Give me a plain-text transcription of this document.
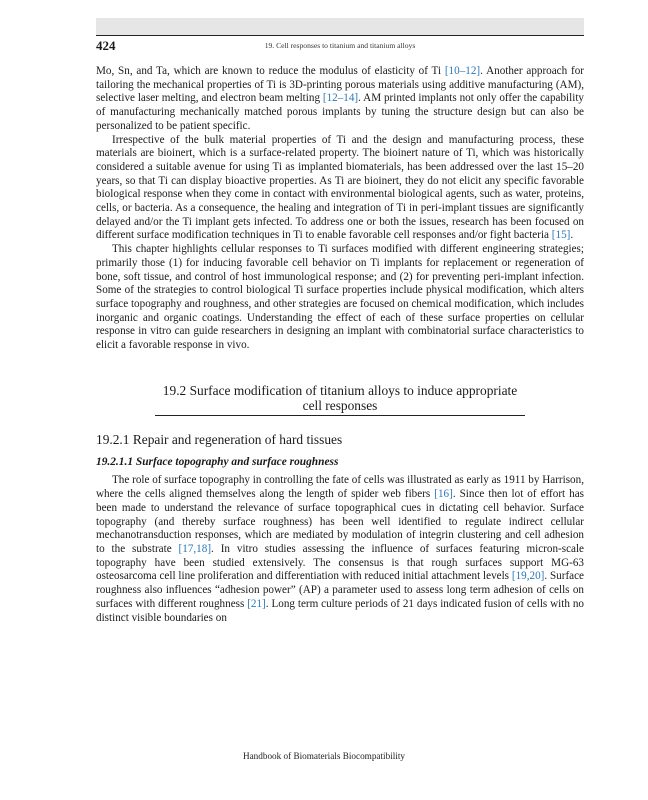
424	19. Cell responses to titanium and titanium alloys

Mo, Sn, and Ta, which are known to reduce the modulus of elasticity of Ti [10–12]. Another approach for tailoring the mechanical properties of Ti is 3D-printing porous materials using additive manufacturing (AM), selective laser melting, and electron beam melting [12–14]. AM printed implants not only offer the capability of manufacturing mechanically matched porous implants by tuning the structure design but can also be personalized to be patient specific.

Irrespective of the bulk material properties of Ti and the design and manufacturing process, these materials are bioinert, which is a surface-related property. The bioinert nature of Ti, which was historically considered a suitable avenue for using Ti as implanted biomaterials, has been addressed over the last 15–20 years, so that Ti can display bioactive properties. As Ti are bioinert, they do not elicit any specific favorable biological response when they come in contact with environmental biological agents, such as water, proteins, cells, or bacteria. As a consequence, the healing and integration of Ti in peri-implant tissues are significantly delayed and/or the Ti implant gets infected. To address one or both the issues, research has been focused on different surface modification techniques in Ti to enable favorable cell responses and/or fight bacteria [15].

This chapter highlights cellular responses to Ti surfaces modified with different engineering strategies; primarily those (1) for inducing favorable cell behavior on Ti implants for replacement or regeneration of bone, soft tissue, and control of host immunological response; and (2) for preventing peri-implant infection. Some of the strategies to control biological Ti surface properties include physical modification, which alters surface topography and roughness, and other strategies are focused on chemical modification, which includes inorganic and organic coatings. Understanding the effect of each of these surface properties on cellular response in vitro can guide researchers in designing an implant with combinatorial surface characteristics to elicit a favorable response in vivo.

19.2 Surface modification of titanium alloys to induce appropriate cell responses
19.2.1 Repair and regeneration of hard tissues
19.2.1.1 Surface topography and surface roughness

The role of surface topography in controlling the fate of cells was illustrated as early as 1911 by Harrison, where the cells aligned themselves along the length of spider web fibers [16]. Since then lot of effort has been made to understand the relevance of surface topographical cues in dictating cell behavior. Surface topography (and thereby surface roughness) has been well identified to regulate indirect cellular mechanotransduction responses, which are mediated by modulation of integrin clustering and cell adhesion to the substrate [17,18]. In vitro studies assessing the influence of surfaces featuring micron-scale topography have been studied extensively. The consensus is that rough surfaces support MG-63 osteosarcoma cell line proliferation and differentiation with reduced initial attachment levels [19,20]. Surface roughness also influences “adhesion power” (AP) a parameter used to assess long term adhesion of cells on surfaces with different roughness [21]. Long term culture periods of 21 days indicated fusion of cells with no distinct visible boundaries on

Handbook of Biomaterials Biocompatibility
